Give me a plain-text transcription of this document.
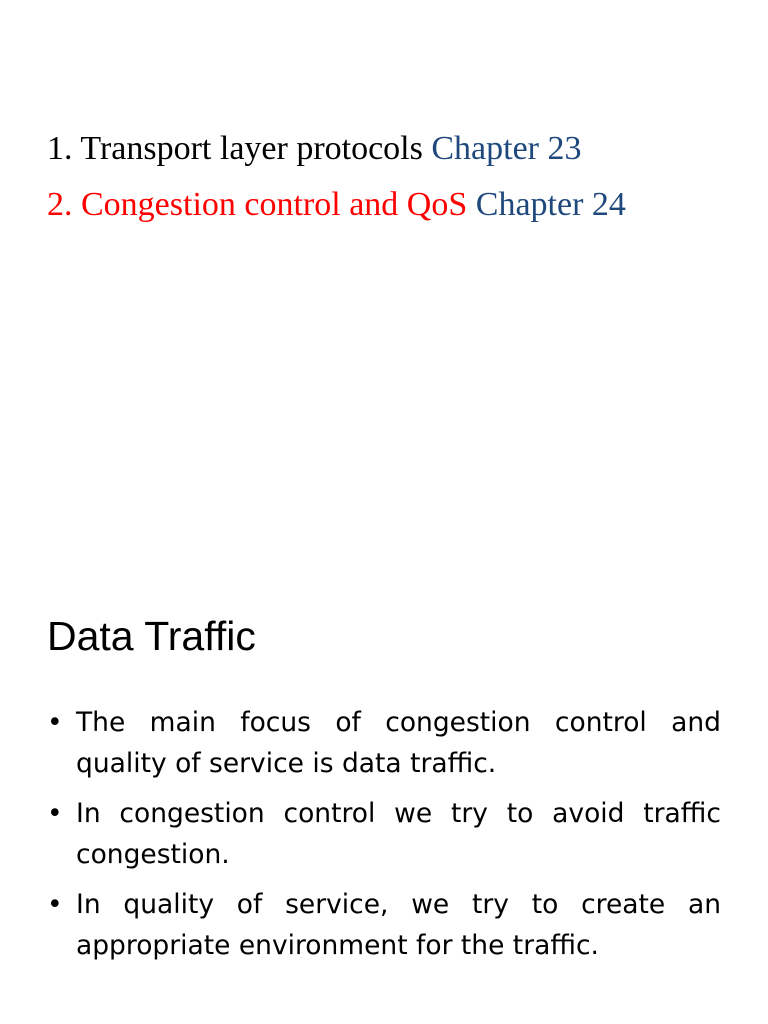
1. Transport layer protocols Chapter 23
2. Congestion control and QoS Chapter 24
Data Traffic
• The main focus of congestion control and quality of service is data traffic.
• In congestion control we try to avoid traffic congestion.
• In quality of service, we try to create an appropriate environment for the traffic.
